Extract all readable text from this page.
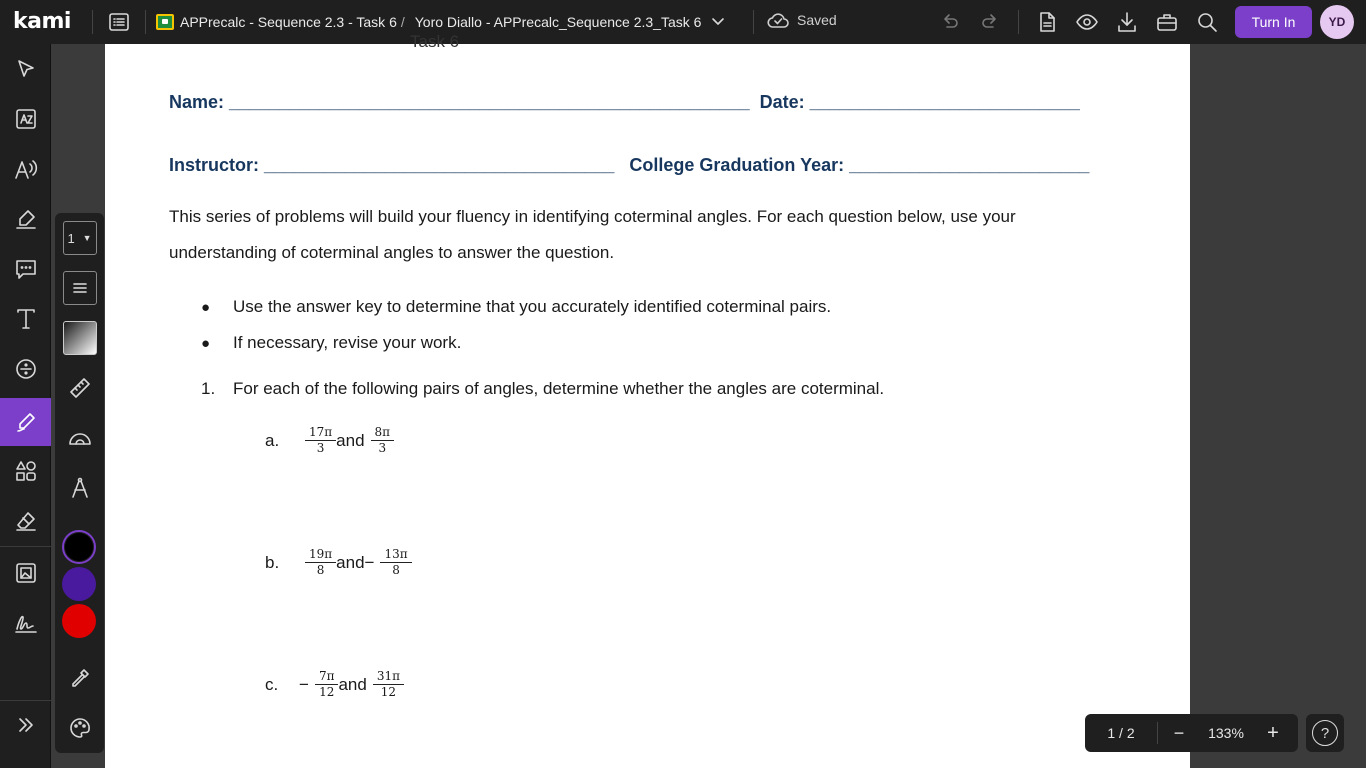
kami	APPrecalc - Sequence 2.3 - Task 6 / Yoro Diallo - APPrecalc_Sequence 2.3_Task 6	Saved	Turn In	YD
1 ▼
Task 6
Name: ____________________________________________________  Date: ___________________________
Instructor: ___________________________________   College Graduation Year: ________________________
This series of problems will build your fluency in identifying coterminal angles. For each question below, use your
understanding of coterminal angles to answer the question.
● Use the answer key to determine that you accurately identified coterminal pairs.
● If necessary, revise your work.
1. For each of the following pairs of angles, determine whether the angles are coterminal.
a.	$\frac{17\pi}{3}$ and $\frac{8\pi}{3}$
b.	$\frac{19\pi}{8}$ and − $\frac{13\pi}{8}$
c.	− $\frac{7\pi}{12}$ and $\frac{31\pi}{12}$
1 / 2	−	133%	+	?
